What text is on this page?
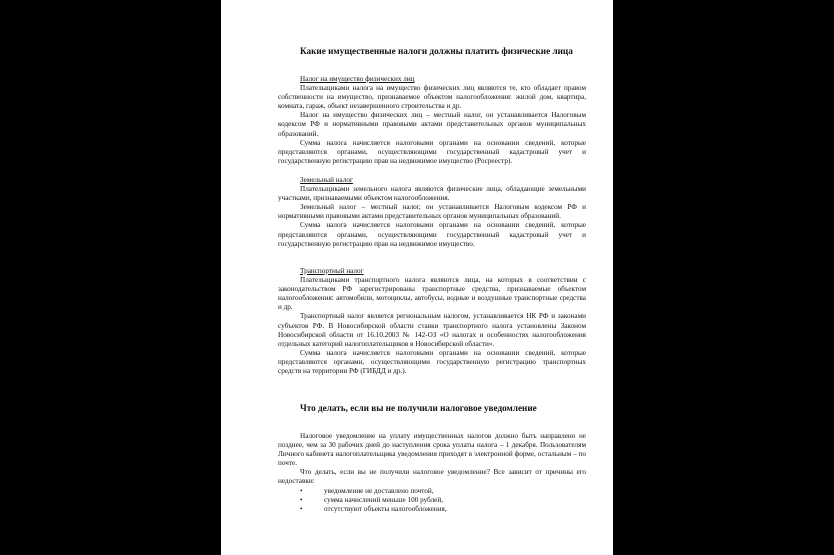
Какие имущественные налоги должны платить физические лица

Налог на имущество физических лиц

Плательщиками налога на имущество физических лиц являются те, кто обладает правом собственности на имущество, признаваемое объектом налогообложения: жилой дом, квартира, комната, гараж, объект незавершенного строительства и др.

Налог на имущество физических лиц – местный налог, он устанавливается Налоговым кодексом РФ и нормативными правовыми актами представительных органов муниципальных образований.

Сумма налога начисляется налоговыми органами на основании сведений, которые представляются органами, осуществляющими государственный кадастровый учет и государственную регистрацию прав на недвижимое имущество (Росреестр).

Земельный налог

Плательщиками земельного налога являются физические лица, обладающие земельными участками, признаваемыми объектом налогообложения.

Земельный налог – местный налог, он устанавливается Налоговым кодексом РФ и нормативными правовыми актами представительных органов муниципальных образований.

Сумма налога начисляется налоговыми органами на основании сведений, которые представляются органами, осуществляющими государственный кадастровый учет и государственную регистрацию прав на недвижимое имущество.

Транспортный налог

Плательщиками транспортного налога являются лица, на которых в соответствии с законодательством РФ зарегистрированы транспортные средства, признаваемые объектом налогообложения: автомобили, мотоциклы, автобусы, водные и воздушные транспортные средства и др.

Транспортный налог является региональным налогом, устанавливается НК РФ и законами субъектов РФ. В Новосибирской области ставки транспортного налога установлены Законом Новосибирской области от 16.10.2003 № 142-ОЗ «О налогах и особенностях налогообложения отдельных категорий налогоплательщиков в Новосибирской области».

Сумма налога начисляется налоговыми органами на основании сведений, которые представляются органами, осуществляющими государственную регистрацию транспортных средств на территории РФ (ГИБДД и др.).

Что делать, если вы не получили налоговое уведомление

Налоговое уведомление на уплату имущественных налогов должно быть направлено не позднее, чем за 30 рабочих дней до наступления срока уплаты налога – 1 декабря. Пользователям Личного кабинета налогоплательщика уведомления приходят в электронной форме, остальным – по почте.

Что делать, если вы не получили налоговое уведомление? Все зависит от причины его недоставки:

•	уведомление не доставлено почтой,
•	сумма начислений меньше 100 рублей,
•	отсутствуют объекты налогообложения,
